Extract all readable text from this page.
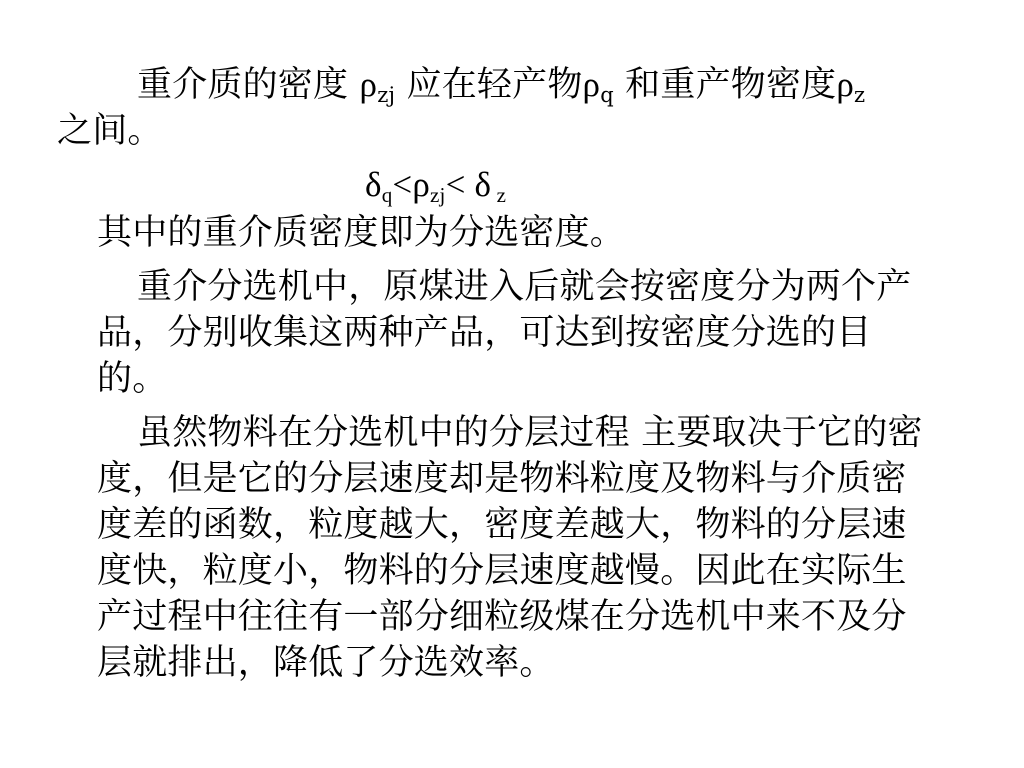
重介质的密度 $\rho_{zj}$ 应在轻产物$\rho_q$ 和重产物密度$\rho_z$
之间。

$\delta_q<\rho_{zj}< \delta$ $_z$

其中的重介质密度即为分选密度。

重介分选机中，原煤进入后就会按密度分为两个产品，分别收集这两种产品，可达到按密度分选的目的。

虽然物料在分选机中的分层过程 主要取决于它的密度，但是它的分层速度却是物料粒度及物料与介质密度差的函数，粒度越大，密度差越大，物料的分层速度快，粒度小，物料的分层速度越慢。因此在实际生产过程中往往有一部分细粒级煤在分选机中来不及分层就排出，降低了分选效率。
